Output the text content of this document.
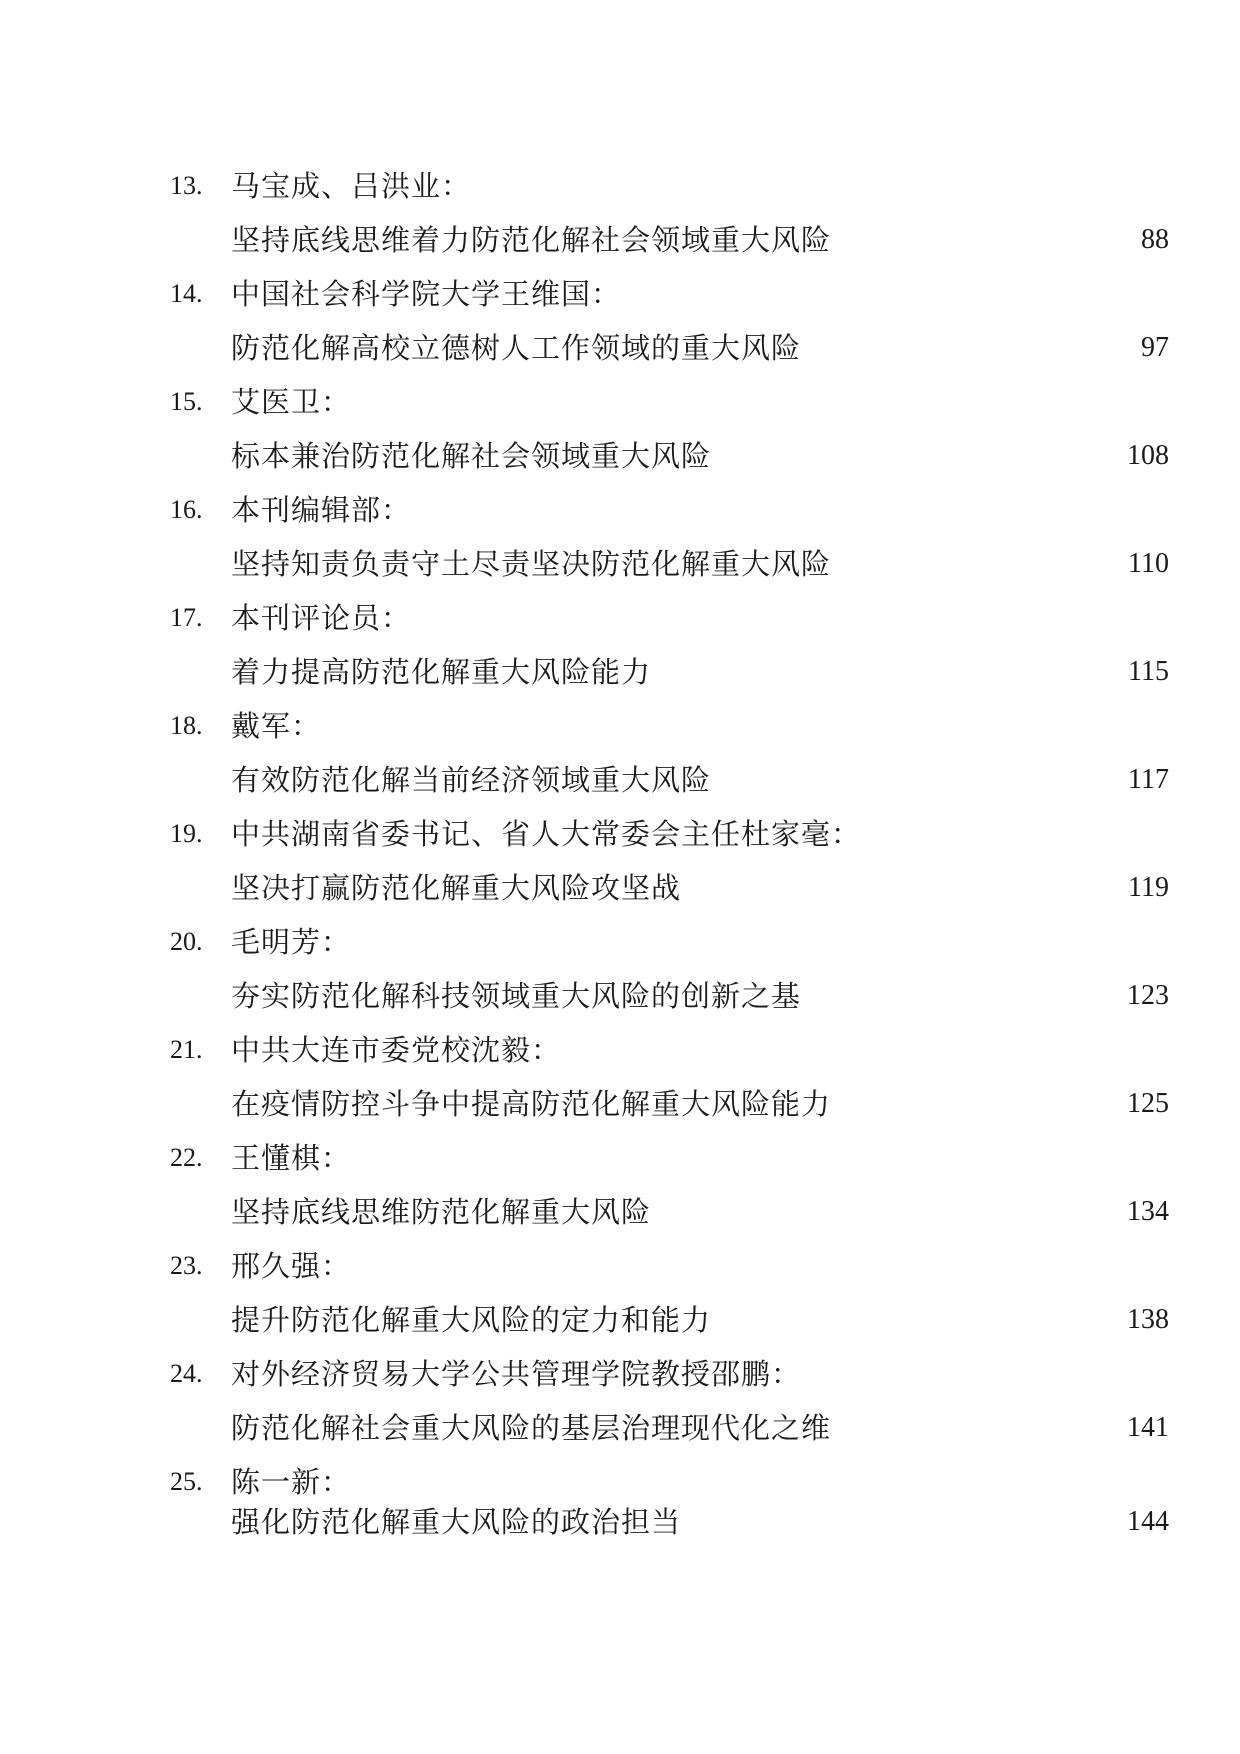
13. 马宝成、吕洪业：
坚持底线思维着力防范化解社会领域重大风险	88
14. 中国社会科学院大学王维国：
防范化解高校立德树人工作领域的重大风险	97
15. 艾医卫：
标本兼治防范化解社会领域重大风险	108
16. 本刊编辑部：
坚持知责负责守土尽责坚决防范化解重大风险	110
17. 本刊评论员：
着力提高防范化解重大风险能力	115
18. 戴军：
有效防范化解当前经济领域重大风险	117
19. 中共湖南省委书记、省人大常委会主任杜家毫：
坚决打赢防范化解重大风险攻坚战	119
20. 毛明芳：
夯实防范化解科技领域重大风险的创新之基	123
21. 中共大连市委党校沈毅：
在疫情防控斗争中提高防范化解重大风险能力	125
22. 王懂棋：
坚持底线思维防范化解重大风险	134
23. 邢久强：
提升防范化解重大风险的定力和能力	138
24. 对外经济贸易大学公共管理学院教授邵鹏：
防范化解社会重大风险的基层治理现代化之维	141
25. 陈一新：
强化防范化解重大风险的政治担当	144
